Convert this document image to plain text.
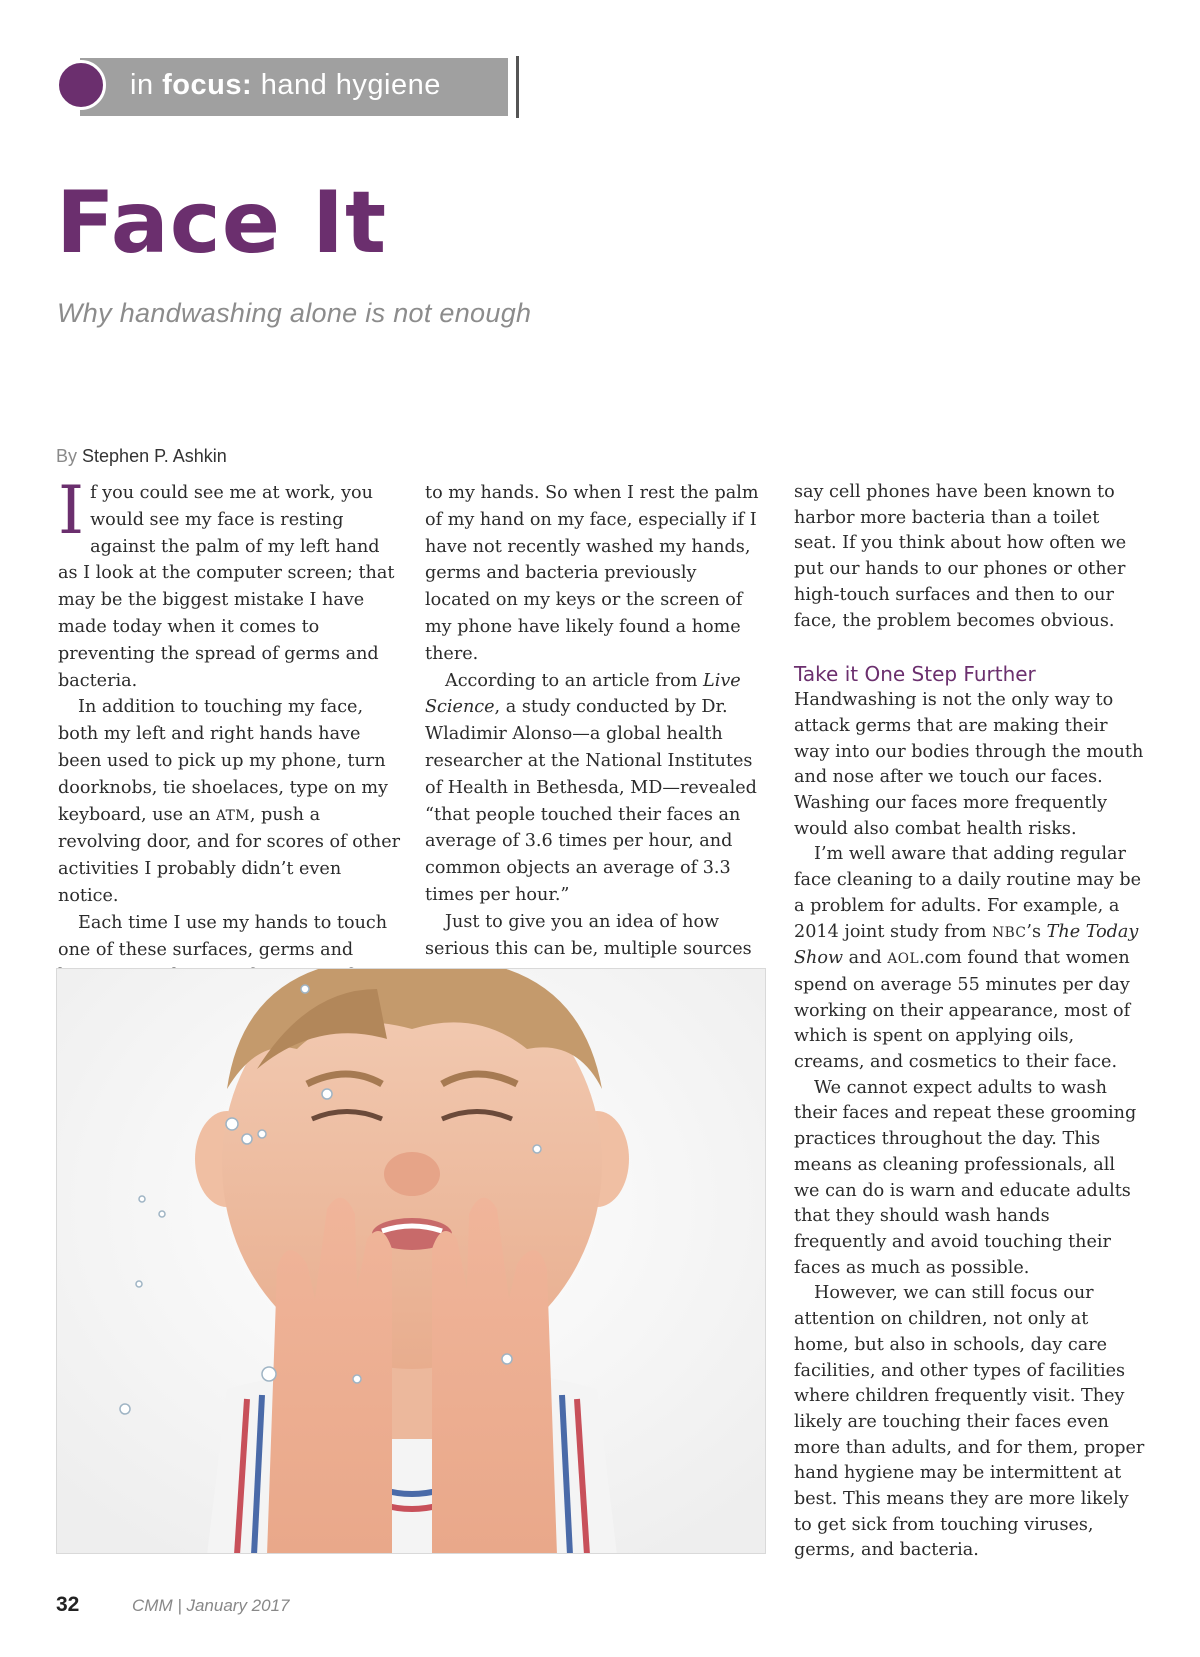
in focus: hand hygiene
Face It

Why handwashing alone is not enough

By Stephen P. Ashkin

If you could see me at work, you would see my face is resting against the palm of my left hand as I look at the computer screen; that may be the biggest mistake I have made today when it comes to preventing the spread of germs and bacteria.

In addition to touching my face, both my left and right hands have been used to pick up my phone, turn doorknobs, tie shoelaces, type on my keyboard, use an ATM, push a revolving door, and for scores of other activities I probably didn’t even notice.

Each time I use my hands to touch one of these surfaces, germs and

to my hands. So when I rest the palm of my hand on my face, especially if I have not recently washed my hands, germs and bacteria previously located on my keys or the screen of my phone have likely found a home there.

According to an article from Live Science, a study conducted by Dr. Wladimir Alonso—a global health researcher at the National Institutes of Health in Bethesda, MD—revealed “that people touched their faces an average of 3.6 times per hour, and common objects an average of 3.3 times per hour.”

Just to give you an idea of how serious this can be, multiple sources

say cell phones have been known to harbor more bacteria than a toilet seat. If you think about how often we put our hands to our phones or other high-touch surfaces and then to our face, the problem becomes obvious.

Take it One Step Further

Handwashing is not the only way to attack germs that are making their way into our bodies through the mouth and nose after we touch our faces. Washing our faces more frequently would also combat health risks.

I’m well aware that adding regular face cleaning to a daily routine may be a problem for adults. For example, a 2014 joint study from NBC’s The Today Show and AOL.com found that women spend on average 55 minutes per day working on their appearance, most of which is spent on applying oils, creams, and cosmetics to their face.

We cannot expect adults to wash their faces and repeat these grooming practices throughout the day. This means as cleaning professionals, all we can do is warn and educate adults that they should wash hands frequently and avoid touching their faces as much as possible.

However, we can still focus our attention on children, not only at home, but also in schools, day care facilities, and other types of facilities where children frequently visit. They likely are touching their faces even more than adults, and for them, proper hand hygiene may be intermittent at best. This means they are more likely to get sick from touching viruses, germs, and bacteria.

32	CMM | January 2017
